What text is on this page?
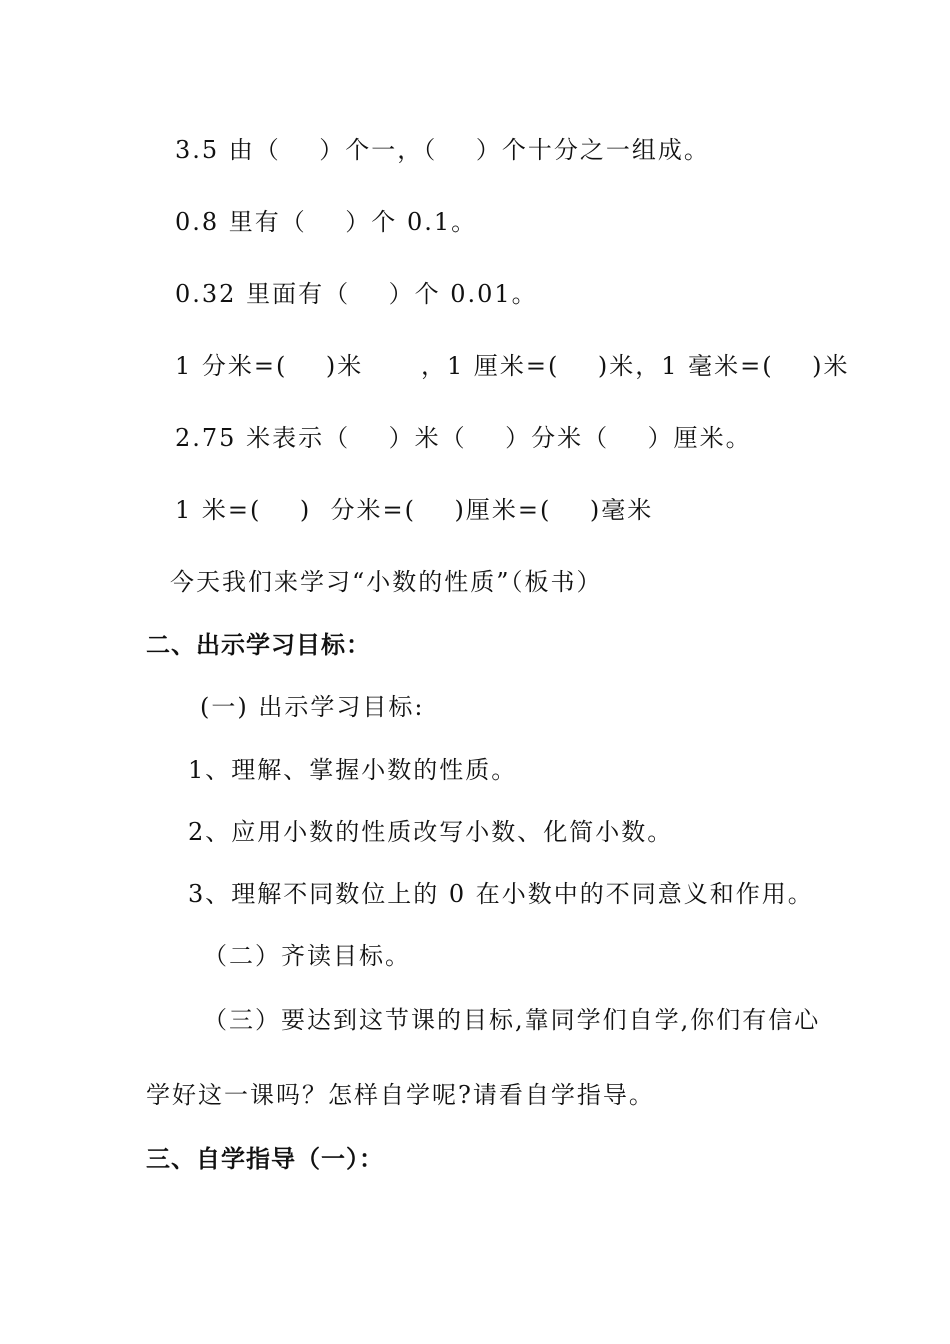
3.5 由（    ）个一，（    ）个十分之一组成。
0.8 里有（    ）个 0.1。
0.32 里面有（    ）个 0.01。
1 分米=(    )米      ，1 厘米=(    )米，1 毫米=(    )米
2.75 米表示（    ）米（    ）分米（    ）厘米。
1 米=(    )  分米=(    )厘米=(    )毫米
今天我们来学习“小数的性质”（板书）
二、出示学习目标：
(一) 出示学习目标:
1、理解、掌握小数的性质。
2、应用小数的性质改写小数、化简小数。
3、理解不同数位上的 0 在小数中的不同意义和作用。
（二）齐读目标。
（三）要达到这节课的目标,靠同学们自学,你们有信心
学好这一课吗？怎样自学呢?请看自学指导。
三、自学指导（一）：
